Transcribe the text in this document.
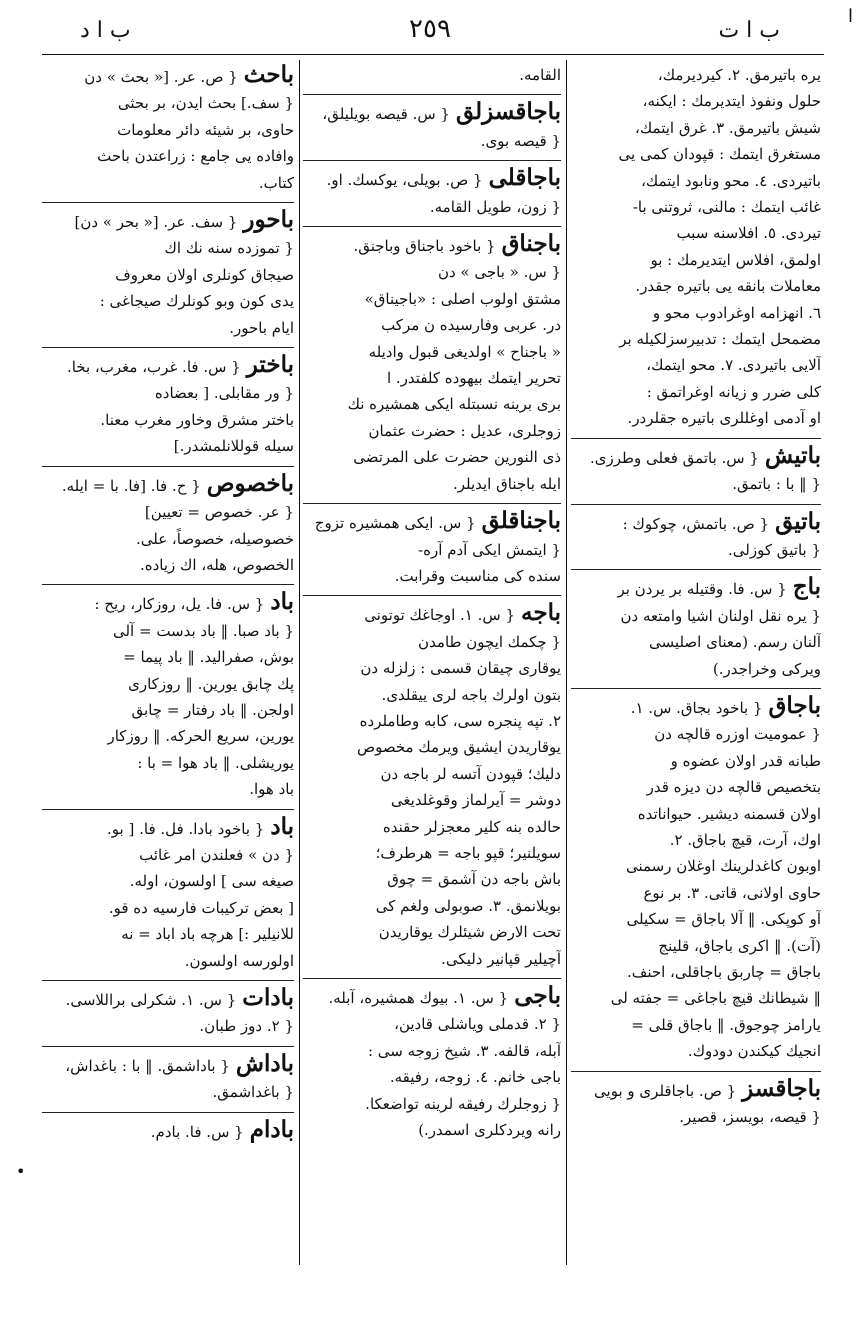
ا
ب ا ت
٢٥٩
ب ا د
يره باتيرمق. ٢. كيرديرمك،
حلول ونفوذ ايتديرمك : ايكنه،
شيش باتيرمق. ٣. غرق ايتمك،
مستغرق ايتمك : قپودان كمى يى
باتيردى. ٤. محو ونابود ايتمك،
غائب ايتمك : مالنى، ثروتنى با-
تيردى. ٥. افلاسنه سبب
اولمق، افلاس ايتديرمك : بو
معاملات بانقه يى باتيره جقدر.
٦. انهزامه اوغرادوب محو و
مضمحل ايتمك : تدبيرسزلكيله بر
آلايى باتيردى. ٧. محو ايتمك،
كلى ضرر و زيانه اوغراتمق :
او آدمى اوغللرى باتيره جقلردر.
باتيش{ س. باتمق فعلى وطرزى.
{ ‖ با : باتمق.
باتيق{ ص. باتمش، چوكوك :
{ باتيق كوزلى.
باج{ س. فا. وقتيله بر يردن بر
{ يره نقل اولنان اشيا وامتعه دن
آلنان رسم. (معناى اصليسى
ويركى وخراجدر.)
باجاق{ باخود بجاق. س. ١.
{ عموميت اوزره قالچه دن
طبانه قدر اولان عضوه و
بتخصيص قالچه دن ديزه قدر
اولان قسمنه ديشير. حيواناتده
اوك، آرت، قيچ باجاق. ٢.
اوبون كاغدلرينك اوغلان رسمنى
حاوى اولانى، قاتى. ٣. بر نوع
آو كوپكى. ‖ آلا باجاق = سكيلى
(آت). ‖ اكرى باجاق، قلينج
باجاق = چاربق باجاقلى، احنف.
‖ شيطانك قيچ باجاغى = جفته لى
يارامز چوجوق. ‖ باجاق قلى =
انجيك كيكندن دودوك.
باجاقسز{ ص. باجاقلرى و بويى
{ قيصه، بويسز، قصير.
القامه.
باجاقسزلق{ س. قيصه بويليلق،
{ قيصه بوى.
باجاقلى{ ص. بويلى، يوكسك. او.
{ زون، طويل القامه.
باجناق{ باخود باجناق وباجنق.
{ س. « باجى » دن
مشتق اولوب اصلى : «باجيناق»
در. عربى وفارسيده ن مركب
« باجناح » اولديغى قبول واديله
تحرير ايتمك بيهوده كلفتدر. ا
برى برينه نسبتله ايكى همشيره نك
زوجلرى، عديل : حضرت عثمان
ذى النورين حضرت على المرتضى
ايله باجناق ايديلر.
باجناقلق{ س. ايكى همشيره تزوج
{ ايتمش ايكى آدم آره-
سنده كى مناسبت وقرابت.
باجه{ س. ١. اوجاغك توتونى
{ چكمك ايچون طامدن
يوقارى چيقان قسمى : زلزله دن
بتون اولرك باجه لرى ييقلدى.
٢. تپه پنجره سى، كابه وطاملرده
يوقاريدن ايشيق ويرمك مخصوص
دليك؛ قپودن آتسه لر باجه دن
دوشر = آيرلماز وقوغلديغى
حالده بنه كلير معجزلر حقنده
سويلنير؛ قپو باجه = هرطرف؛
باش باجه دن آشمق = چوق
بويلانمق. ٣. صوبولى ولغم كى
تحت الارض شيئلرك يوقاريدن
آچيلير قپانير دليكى.
باجى{ س. ١. بيوك همشيره، آبله.
{ ٢. قدملى وياشلى قادين،
آبله، قالفه. ٣. شيخ زوجه سى :
باجى خانم. ٤. زوجه، رفيقه.
{ زوجلرك رفيقه لرينه تواضعكا.
رانه ويردكلرى اسمدر.)
باحث{ ص. عر. [« بحث » دن
{ سف.] بحث ايدن، بر بحثى
حاوى، بر شيئه دائر معلومات
وافاده يى جامع : زراعتدن باحث
كتاب.
باحور{ سف. عر. [« بحر » دن]
{ تموزده سنه نك اك
صيجاق كونلرى اولان معروف
يدى كون وبو كونلرك صيجاغى :
ايام باحور.
باختر{ س. فا. غرب، مغرب، بخا.
{ ور مقابلى. [ بعضاده
باختر مشرق وخاور مغرب معنا.
سيله قوللانلمشدر.]
باخصوص{ ح. فا. [فا. با = ايله.
{ عر. خصوص = تعيين]
خصوصيله، خصوصاً، على.
الخصوص، هله، اك زياده.
باد{ س. فا. يل، روزكار، ريح :
{ باد صبا. ‖ باد بدست = آلى
بوش، صفراليد. ‖ باد پيما =
پك چابق يورين. ‖ روزكارى
اولجن. ‖ باد رفتار = چابق
يورين، سريع الحركه. ‖ روزكار
يوريشلى. ‖ باد هوا = با :
باد هوا.
باد{ باخود بادا. فل. فا. [ بو.
{ دن » فعلندن امر غائب
صيغه سى ] اولسون، اوله.
[ بعض تركيبات فارسيه ده قو.
للانيلير :] هرچه باد اباد = نه
اولورسه اولسون.
بادات{ س. ١. شكرلى براللاسى.
{ ٢. دوز طبان.
باداش{ باداشمق. ‖ با : باغداش،
{ باغداشمق.
بادام{ س. فا. بادم.
•
